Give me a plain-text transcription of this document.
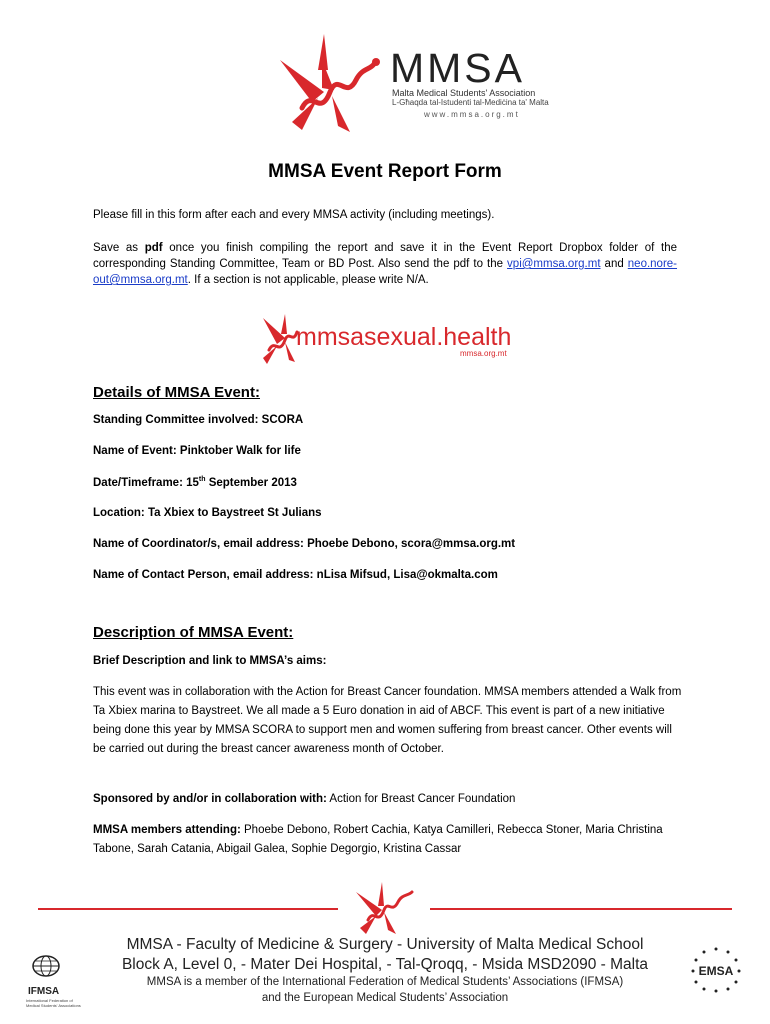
MMSA
Malta Medical Students' Association
L-Għaqda tal-Istudenti tal-Mediċina ta' Malta
www.mmsa.org.mt
MMSA Event Report Form
Please fill in this form after each and every MMSA activity (including meetings).
Save as pdf once you finish compiling the report and save it in the Event Report Dropbox folder of the corresponding Standing Committee, Team or BD Post. Also send the pdf to the vpi@mmsa.org.mt and neo.nore-out@mmsa.org.mt. If a section is not applicable, please write N/A.
mmsasexual.health
mmsa.org.mt
Details of MMSA Event:
Standing Committee involved: SCORA
Name of Event: Pinktober Walk for life
Date/Timeframe: 15th September 2013
Location: Ta Xbiex to Baystreet St Julians
Name of Coordinator/s, email address: Phoebe Debono, scora@mmsa.org.mt
Name of Contact Person, email address: nLisa Mifsud, Lisa@okmalta.com
Description of MMSA Event:
Brief Description and link to MMSA’s aims:
This event was in collaboration with the Action for Breast Cancer foundation. MMSA members attended a Walk from Ta Xbiex marina to Baystreet. We all made a 5 Euro donation in aid of ABCF. This event is part of a new initiative being done this year by MMSA SCORA to support men and women suffering from breast cancer. Other events will be carried out during the breast cancer awareness month of October.
Sponsored by and/or in collaboration with: Action for Breast Cancer Foundation
MMSA members attending: Phoebe Debono, Robert Cachia, Katya Camilleri, Rebecca Stoner, Maria Christina Tabone, Sarah Catania, Abigail Galea, Sophie Degorgio, Kristina Cassar
MMSA - Faculty of Medicine & Surgery - University of Malta Medical School
Block A, Level 0, - Mater Dei Hospital, - Tal-Qroqq, - Msida MSD2090 - Malta
MMSA is a member of the International Federation of Medical Students’ Associations (IFMSA)
and the European Medical Students’ Association
IFMSA
International Federation of Medical Students' Associations
EMSA
